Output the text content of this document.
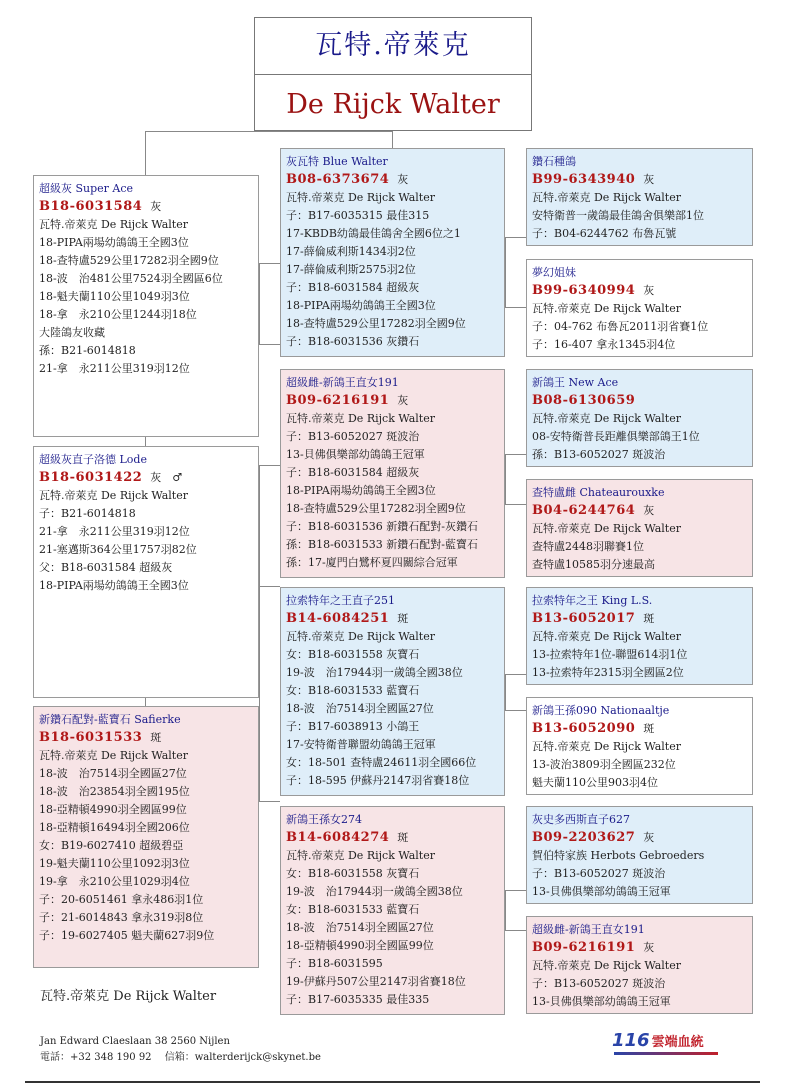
瓦特.帝萊克
De Rijck Walter
超級灰 Super Ace
B18-6031584 灰
瓦特.帝萊克 De Rijck Walter
18-PIPA兩場幼鴿鴿王全國3位
18-查特盧529公里17282羽全國9位
18-波　治481公里7524羽全國區6位
18-魁夫蘭110公里1049羽3位
18-拿　永210公里1244羽18位
大陸鴿友收藏
孫：B21-6014818
21-拿　永211公里319羽12位
超級灰直子洛德 Lode
B18-6031422 灰　♂
瓦特.帝萊克 De Rijck Walter
子：B21-6014818
21-拿　永211公里319羽12位
21-塞邁斯364公里1757羽82位
父：B18-6031584 超級灰
18-PIPA兩場幼鴿鴿王全國3位
新鑽石配對-藍寶石 Safierke
B18-6031533 斑
瓦特.帝萊克 De Rijck Walter
18-波　治7514羽全國區27位
18-波　治23854羽全國195位
18-亞精頓4990羽全國區99位
18-亞精頓16494羽全國206位
女：B19-6027410 超級碧亞
19-魁夫蘭110公里1092羽3位
19-拿　永210公里1029羽4位
子：20-6051461 拿永486羽1位
子：21-6014843 拿永319羽8位
子：19-6027405 魁夫蘭627羽9位
灰瓦特 Blue Walter
B08-6373674 灰
瓦特.帝萊克 De Rijck Walter
子：B17-6035315 最佳315
17-KBDB幼鴿最佳鴿舍全國6位之1
17-薛倫威利斯1434羽2位
17-薛倫威利斯2575羽2位
子：B18-6031584 超級灰
18-PIPA兩場幼鴿鴿王全國3位
18-查特盧529公里17282羽全國9位
子：B18-6031536 灰鑽石
超級雌-新鴿王直女191
B09-6216191 灰
瓦特.帝萊克 De Rijck Walter
子：B13-6052027 斑波治
13-貝佛俱樂部幼鴿鴿王冠軍
子：B18-6031584 超級灰
18-PIPA兩場幼鴿鴿王全國3位
18-查特盧529公里17282羽全國9位
子：B18-6031536 新鑽石配對-灰鑽石
孫：B18-6031533 新鑽石配對-藍寶石
孫：17-廈門白鷺杯夏四關綜合冠軍
拉索特年之王直子251
B14-6084251 斑
瓦特.帝萊克 De Rijck Walter
女：B18-6031558 灰寶石
19-波　治17944羽一歲鴿全國38位
女：B18-6031533 藍寶石
18-波　治7514羽全國區27位
子：B17-6038913 小鴿王
17-安特衛普聯盟幼鴿鴿王冠軍
女：18-501 查特盧24611羽全國66位
子：18-595 伊蘇丹2147羽省賽18位
新鴿王孫女274
B14-6084274 斑
瓦特.帝萊克 De Rijck Walter
女：B18-6031558 灰寶石
19-波　治17944羽一歲鴿全國38位
女：B18-6031533 藍寶石
18-波　治7514羽全國區27位
18-亞精頓4990羽全國區99位
子：B18-6031595
19-伊蘇丹507公里2147羽省賽18位
子：B17-6035335 最佳335
鑽石種鴿
B99-6343940 灰
瓦特.帝萊克 De Rijck Walter
安特衛普一歲鴿最佳鴿舍俱樂部1位
子：B04-6244762 布魯瓦號
夢幻姐妹
B99-6340994 灰
瓦特.帝萊克 De Rijck Walter
子：04-762 布魯瓦2011羽省賽1位
子：16-407 拿永1345羽4位
新鴿王 New Ace
B08-6130659
瓦特.帝萊克 De Rijck Walter
08-安特衛普長距離俱樂部鴿王1位
孫：B13-6052027 斑波治
查特盧雌 Chateaurouxke
B04-6244764 灰
瓦特.帝萊克 De Rijck Walter
查特盧2448羽聯賽1位
查特盧10585羽分速最高
拉索特年之王 King L.S.
B13-6052017 斑
瓦特.帝萊克 De Rijck Walter
13-拉索特年1位-聯盟614羽1位
13-拉索特年2315羽全國區2位
新鴿王孫090 Nationaaltje
B13-6052090 斑
瓦特.帝萊克 De Rijck Walter
13-波治3809羽全國區232位
魁夫蘭110公里903羽4位
灰史多西斯直子627
B09-2203627 灰
賀伯特家族 Herbots Gebroeders
子：B13-6052027 斑波治
13-貝佛俱樂部幼鴿鴿王冠軍
超級雌-新鴿王直女191
B09-6216191 灰
瓦特.帝萊克 De Rijck Walter
子：B13-6052027 斑波治
13-貝佛俱樂部幼鴿鴿王冠軍
瓦特.帝萊克 De Rijck Walter
Jan Edward Claeslaan 38 2560 Nijlen
電話：+32 348 190 92　 信箱：walterderijck@skynet.be
116 雲端血統
